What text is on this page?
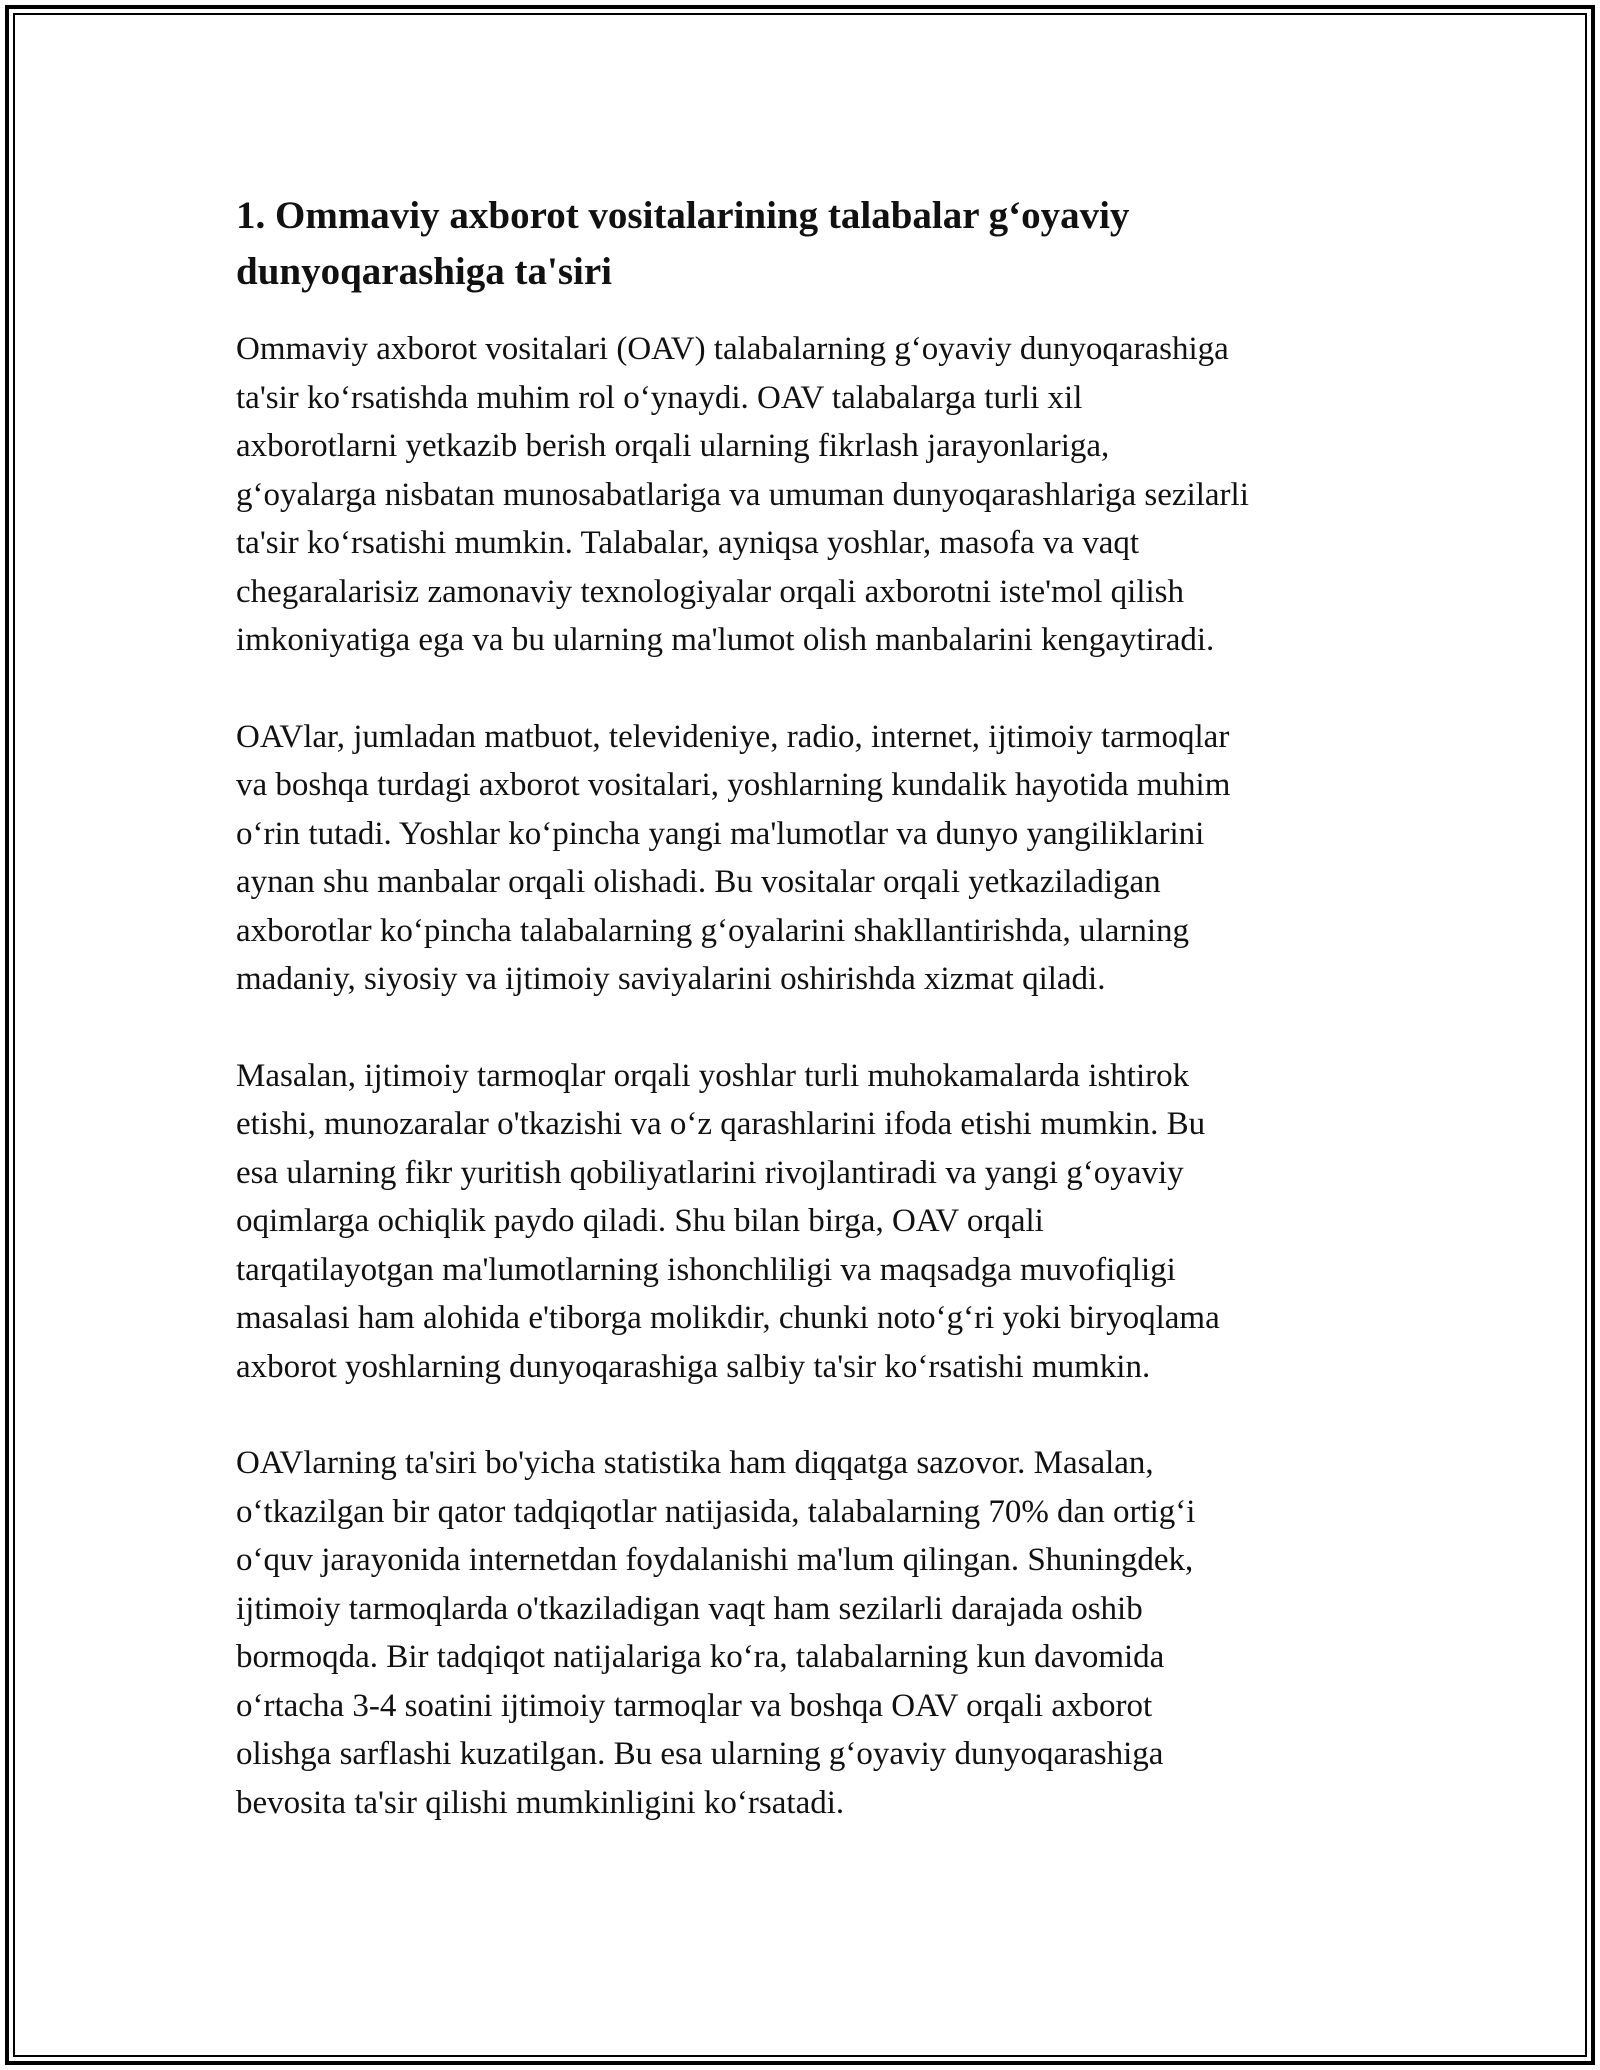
1. Ommaviy axborot vositalarining talabalar g‘oyaviy
dunyoqarashiga ta'siri

Ommaviy axborot vositalari (OAV) talabalarning g‘oyaviy dunyoqarashiga
ta'sir ko‘rsatishda muhim rol o‘ynaydi. OAV talabalarga turli xil
axborotlarni yetkazib berish orqali ularning fikrlash jarayonlariga,
g‘oyalarga nisbatan munosabatlariga va umuman dunyoqarashlariga sezilarli
ta'sir ko‘rsatishi mumkin. Talabalar, ayniqsa yoshlar, masofa va vaqt
chegaralarisiz zamonaviy texnologiyalar orqali axborotni iste'mol qilish
imkoniyatiga ega va bu ularning ma'lumot olish manbalarini kengaytiradi.

OAVlar, jumladan matbuot, televideniye, radio, internet, ijtimoiy tarmoqlar
va boshqa turdagi axborot vositalari, yoshlarning kundalik hayotida muhim
o‘rin tutadi. Yoshlar ko‘pincha yangi ma'lumotlar va dunyo yangiliklarini
aynan shu manbalar orqali olishadi. Bu vositalar orqali yetkaziladigan
axborotlar ko‘pincha talabalarning g‘oyalarini shakllantirishda, ularning
madaniy, siyosiy va ijtimoiy saviyalarini oshirishda xizmat qiladi.

Masalan, ijtimoiy tarmoqlar orqali yoshlar turli muhokamalarda ishtirok
etishi, munozaralar o'tkazishi va o‘z qarashlarini ifoda etishi mumkin. Bu
esa ularning fikr yuritish qobiliyatlarini rivojlantiradi va yangi g‘oyaviy
oqimlarga ochiqlik paydo qiladi. Shu bilan birga, OAV orqali
tarqatilayotgan ma'lumotlarning ishonchliligi va maqsadga muvofiqligi
masalasi ham alohida e'tiborga molikdir, chunki noto‘g‘ri yoki biryoqlama
axborot yoshlarning dunyoqarashiga salbiy ta'sir ko‘rsatishi mumkin.

OAVlarning ta'siri bo'yicha statistika ham diqqatga sazovor. Masalan,
o‘tkazilgan bir qator tadqiqotlar natijasida, talabalarning 70% dan ortig‘i
o‘quv jarayonida internetdan foydalanishi ma'lum qilingan. Shuningdek,
ijtimoiy tarmoqlarda o'tkaziladigan vaqt ham sezilarli darajada oshib
bormoqda. Bir tadqiqot natijalariga ko‘ra, talabalarning kun davomida
o‘rtacha 3-4 soatini ijtimoiy tarmoqlar va boshqa OAV orqali axborot
olishga sarflashi kuzatilgan. Bu esa ularning g‘oyaviy dunyoqarashiga
bevosita ta'sir qilishi mumkinligini ko‘rsatadi.
